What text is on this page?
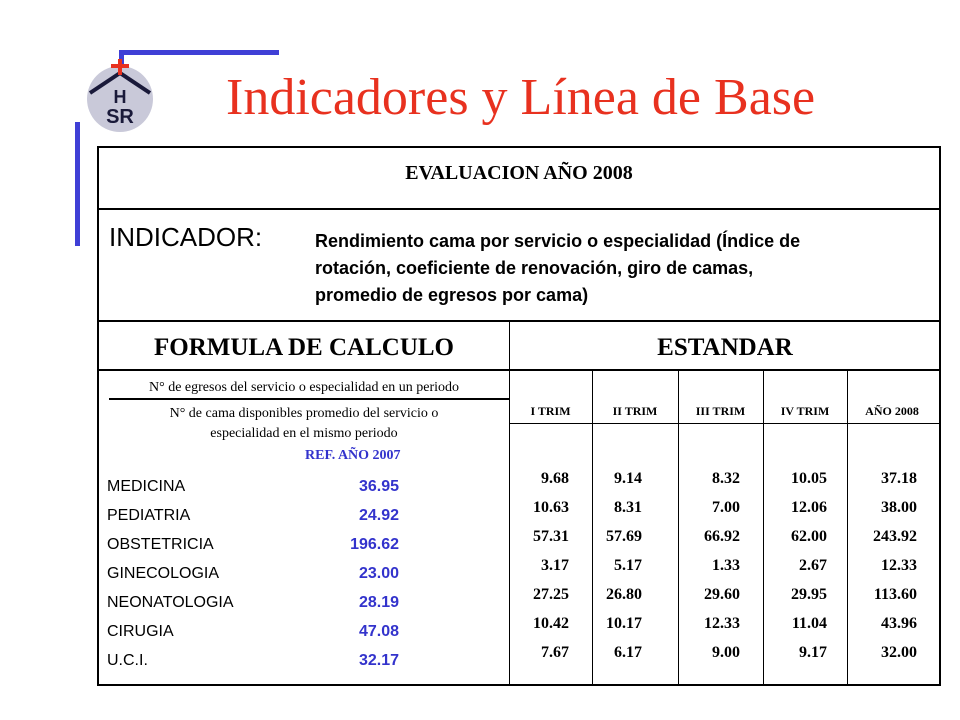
H
SR Indicadores y Línea de Base
EVALUACION AÑO 2008
INDICADOR:	Rendimiento cama por servicio o especialidad (Índice de
rotación, coeficiente de renovación, giro de camas,
promedio de egresos por cama)
FORMULA DE CALCULO	ESTANDAR
N° de egresos del servicio o especialidad en un periodo
N° de cama disponibles promedio del servicio o
especialidad en el mismo periodo
REF. AÑO 2007
MEDICINA	36.95
PEDIATRIA	24.92
OBSTETRICIA	196.62
GINECOLOGIA	23.00
NEONATOLOGIA	28.19
CIRUGIA	47.08
U.C.I.	32.17
I TRIM	II TRIM	III TRIM	IV TRIM	AÑO 2008
9.68	9.14	8.32	10.05	37.18
10.63	8.31	7.00	12.06	38.00
57.31	57.69	66.92	62.00	243.92
3.17	5.17	1.33	2.67	12.33
27.25	26.80	29.60	29.95	113.60
10.42	10.17	12.33	11.04	43.96
7.67	6.17	9.00	9.17	32.00
